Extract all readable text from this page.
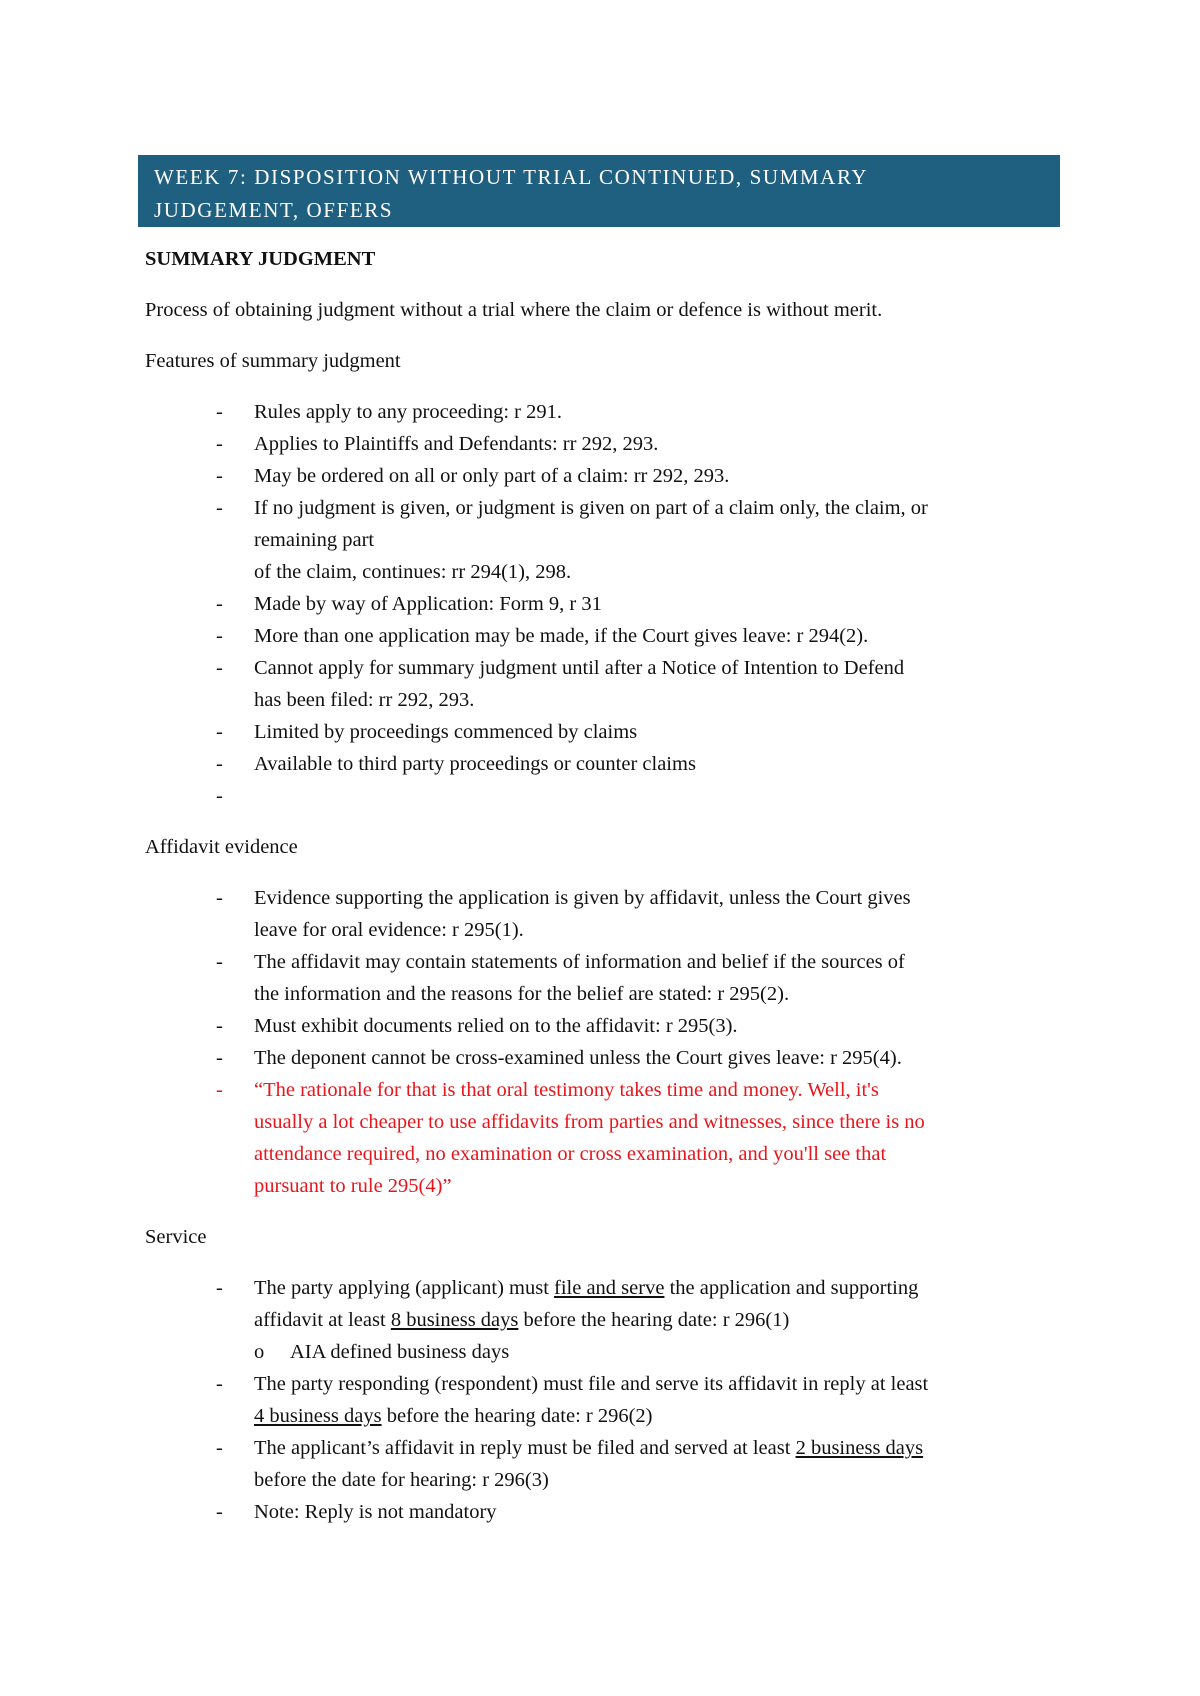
WEEK 7: DISPOSITION WITHOUT TRIAL CONTINUED, SUMMARY
JUDGEMENT, OFFERS
SUMMARY JUDGMENT
Process of obtaining judgment without a trial where the claim or defence is without merit.
Features of summary judgment
- Rules apply to any proceeding: r 291.
- Applies to Plaintiffs and Defendants: rr 292, 293.
- May be ordered on all or only part of a claim: rr 292, 293.
- If no judgment is given, or judgment is given on part of a claim only, the claim, or
remaining part
of the claim, continues: rr 294(1), 298.
- Made by way of Application: Form 9, r 31
- More than one application may be made, if the Court gives leave: r 294(2).
- Cannot apply for summary judgment until after a Notice of Intention to Defend
has been filed: rr 292, 293.
- Limited by proceedings commenced by claims
- Available to third party proceedings or counter claims
-
Affidavit evidence
- Evidence supporting the application is given by affidavit, unless the Court gives
leave for oral evidence: r 295(1).
- The affidavit may contain statements of information and belief if the sources of
the information and the reasons for the belief are stated: r 295(2).
- Must exhibit documents relied on to the affidavit: r 295(3).
- The deponent cannot be cross-examined unless the Court gives leave: r 295(4).
- “The rationale for that is that oral testimony takes time and money. Well, it's
usually a lot cheaper to use affidavits from parties and witnesses, since there is no
attendance required, no examination or cross examination, and you'll see that
pursuant to rule 295(4)”
Service
- The party applying (applicant) must file and serve the application and supporting
affidavit at least 8 business days before the hearing date: r 296(1)
o AIA defined business days
- The party responding (respondent) must file and serve its affidavit in reply at least
4 business days before the hearing date: r 296(2)
- The applicant’s affidavit in reply must be filed and served at least 2 business days
before the date for hearing: r 296(3)
- Note: Reply is not mandatory
